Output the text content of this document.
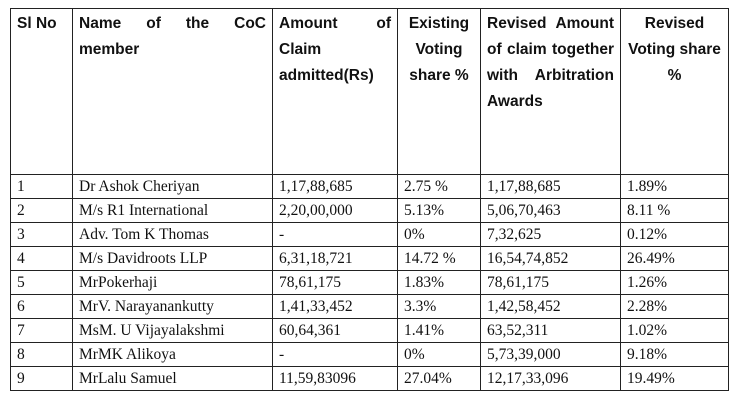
Sl No	Name of the CoC member	Amount of Claim admitted(Rs)	Existing Voting share %	Revised Amount of claim together with Arbitration Awards	Revised Voting share %
1	Dr Ashok Cheriyan	1,17,88,685	2.75 %	1,17,88,685	1.89%
2	M/s R1 International	2,20,00,000	5.13%	5,06,70,463	8.11 %
3	Adv. Tom K Thomas	-	0%	7,32,625	0.12%
4	M/s Davidroots LLP	6,31,18,721	14.72 %	16,54,74,852	26.49%
5	MrPokerhaji	78,61,175	1.83%	78,61,175	1.26%
6	MrV. Narayanankutty	1,41,33,452	3.3%	1,42,58,452	2.28%
7	MsM. U Vijayalakshmi	60,64,361	1.41%	63,52,311	1.02%
8	MrMK Alikoya	-	0%	5,73,39,000	9.18%
9	MrLalu Samuel	11,59,83096	27.04%	12,17,33,096	19.49%
